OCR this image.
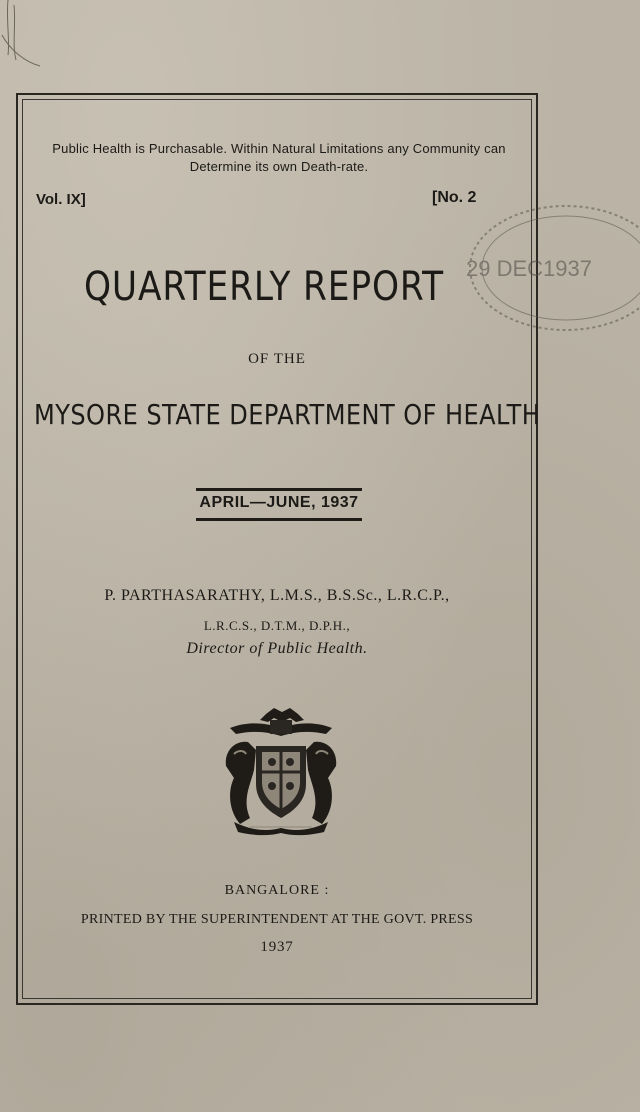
Public Health is Purchasable. Within Natural Limitations any Community can Determine its own Death-rate.
Vol. IX]	[No. 2
QUARTERLY REPORT
OF THE
MYSORE STATE DEPARTMENT OF HEALTH
APRIL—JUNE, 1937
P. PARTHASARATHY, L.M.S., B.S.Sc., L.R.C.P.,
L.R.C.S., D.T.M., D.P.H.,
Director of Public Health.
BANGALORE :
PRINTED BY THE SUPERINTENDENT AT THE GOVT. PRESS
1937
29 DEC1937
